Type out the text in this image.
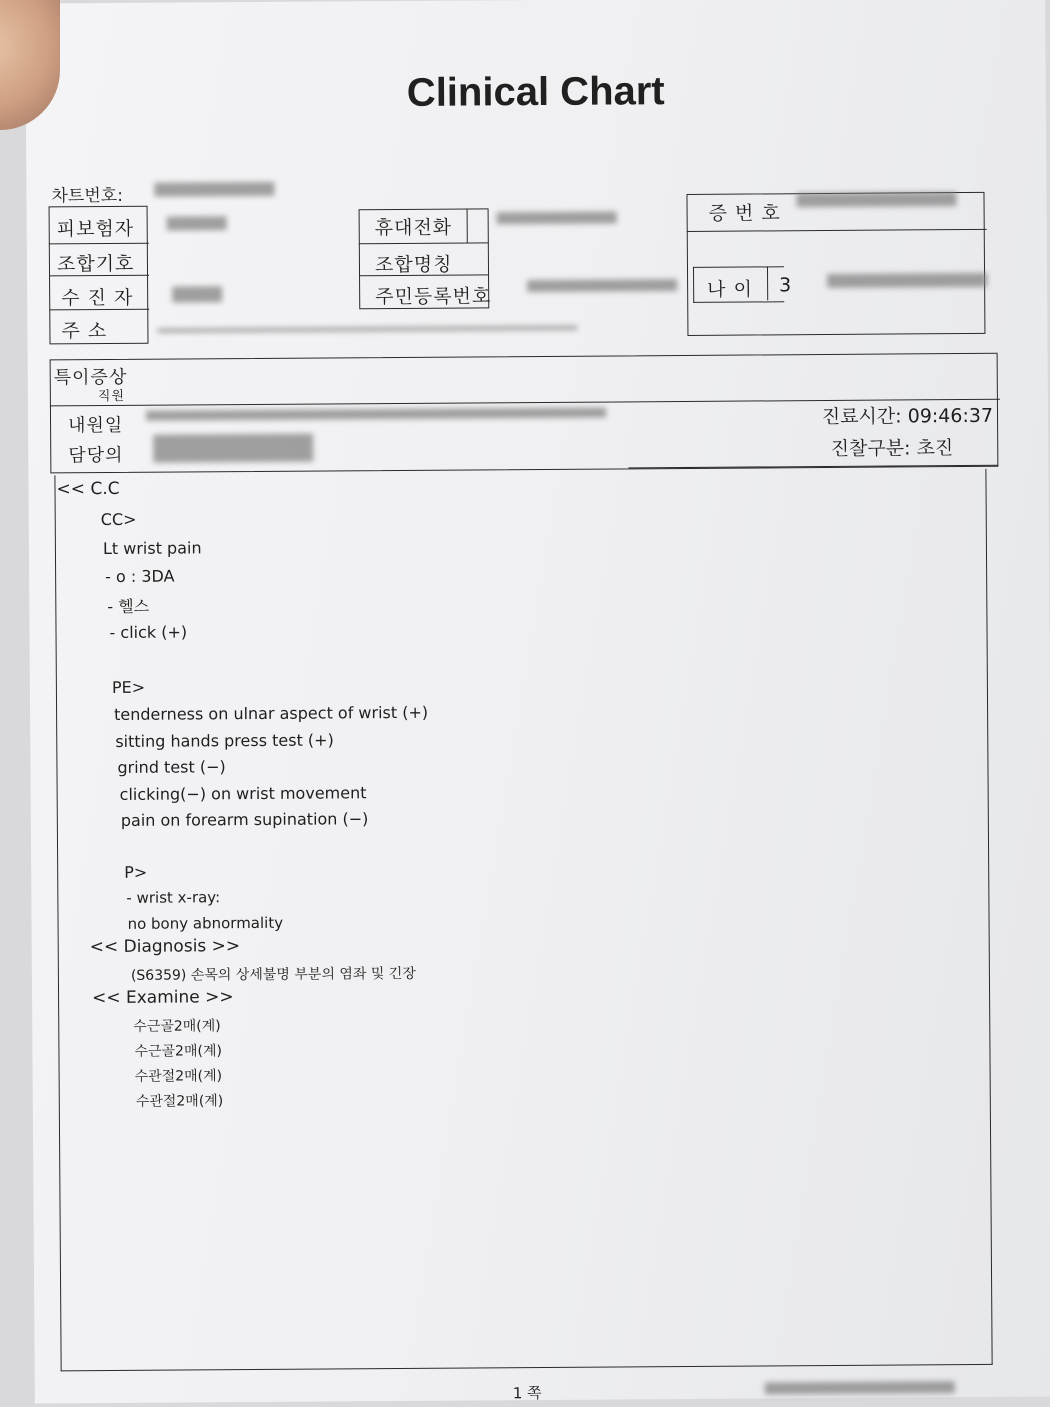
Clinical Chart
차트번호:
피보험자
조합기호
수 진 자
주 소
휴대전화
조합명칭
주민등록번호
증 번 호
나 이 3
특이증상
직원
내원일
담당의
진료시간: 09:46:37
진찰구분: 초진
<< C.C
CC>
Lt wrist pain
- o : 3DA
- 헬스
- click (+)
PE>
tenderness on ulnar aspect of wrist (+)
sitting hands press test (+)
grind test (−)
clicking(−) on wrist movement
pain on forearm supination (−)
P>
- wrist x-ray:
no bony abnormality
<< Diagnosis >>
(S6359) 손목의 상세불명 부분의 염좌 및 긴장
<< Examine >>
수근골2매(계)
수근골2매(계)
수관절2매(계)
수관절2매(계)
1 쪽
